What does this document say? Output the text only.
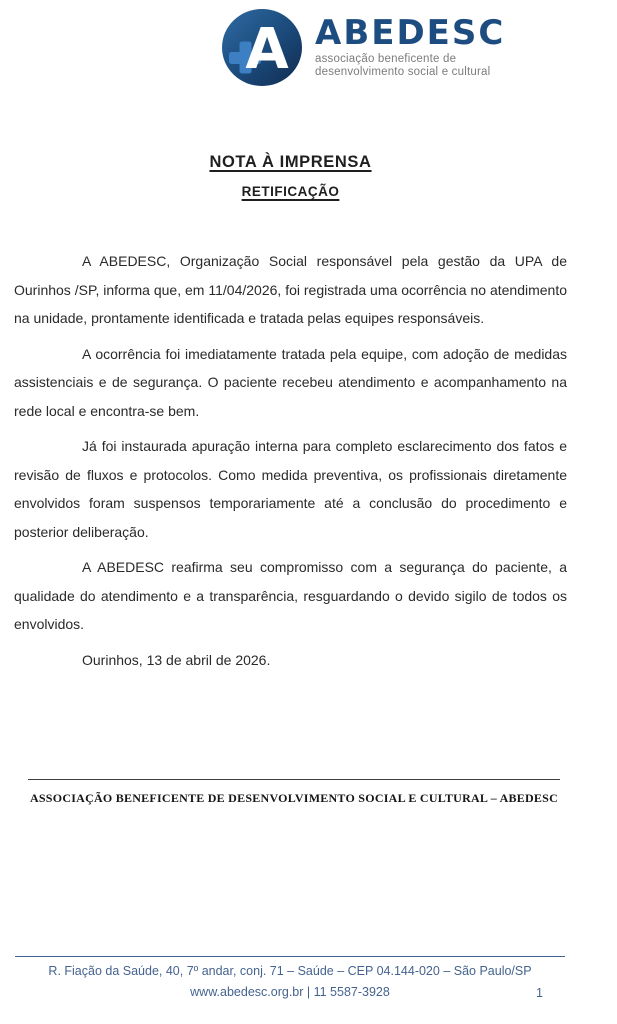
A ABEDESC
associação beneficente de
desenvolvimento social e cultural
NOTA À IMPRENSA
RETIFICAÇÃO

A ABEDESC, Organização Social responsável pela gestão da UPA de Ourinhos /SP, informa que, em 11/04/2026, foi registrada uma ocorrência no atendimento na unidade, prontamente identificada e tratada pelas equipes responsáveis.

A ocorrência foi imediatamente tratada pela equipe, com adoção de medidas assistenciais e de segurança. O paciente recebeu atendimento e acompanhamento na rede local e encontra-se bem.

Já foi instaurada apuração interna para completo esclarecimento dos fatos e revisão de fluxos e protocolos. Como medida preventiva, os profissionais diretamente envolvidos foram suspensos temporariamente até a conclusão do procedimento e posterior deliberação.

A ABEDESC reafirma seu compromisso com a segurança do paciente, a qualidade do atendimento e a transparência, resguardando o devido sigilo de todos os envolvidos.

Ourinhos, 13 de abril de 2026.

ASSOCIAÇÃO BENEFICENTE DE DESENVOLVIMENTO SOCIAL E CULTURAL – ABEDESC
R. Fiação da Saúde, 40, 7º andar, conj. 71 – Saúde – CEP 04.144-020 – São Paulo/SP
www.abedesc.org.br | 11 5587-3928	1
